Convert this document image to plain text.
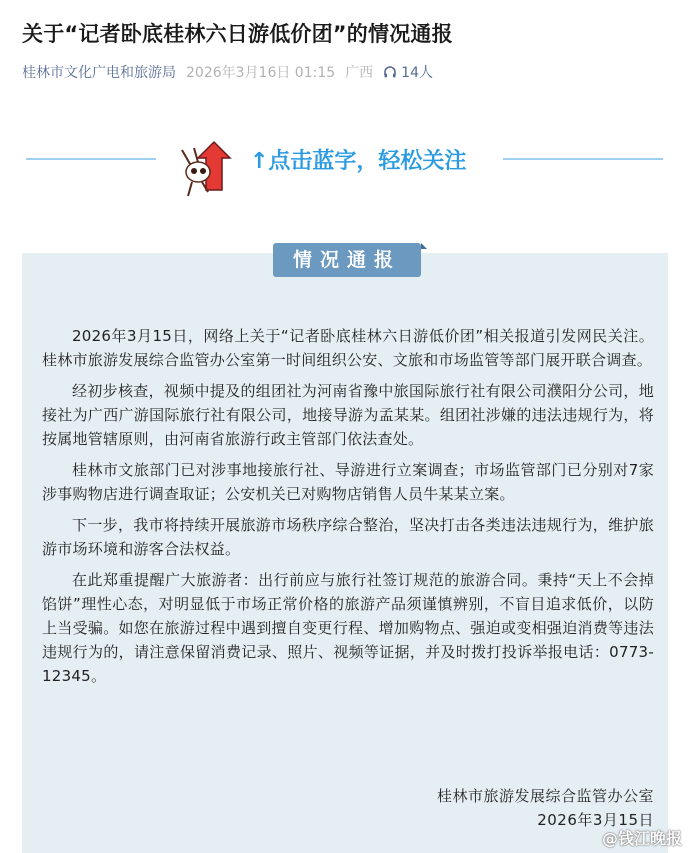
关于“记者卧底桂林六日游低价团”的情况通报
桂林市文化广电和旅游局 2026年3月16日 01:15 广西 14人
↑点击蓝字，轻松关注
情况通报

2026年3月15日，网络上关于“记者卧底桂林六日游低价团”相关报道引发网民关注。桂林市旅游发展综合监管办公室第一时间组织公安、文旅和市场监管等部门展开联合调查。

经初步核查，视频中提及的组团社为河南省豫中旅国际旅行社有限公司濮阳分公司，地接社为广西广游国际旅行社有限公司，地接导游为孟某某。组团社涉嫌的违法违规行为，将按属地管辖原则，由河南省旅游行政主管部门依法查处。

桂林市文旅部门已对涉事地接旅行社、导游进行立案调查；市场监管部门已分别对7家涉事购物店进行调查取证；公安机关已对购物店销售人员牛某某立案。

下一步，我市将持续开展旅游市场秩序综合整治，坚决打击各类违法违规行为，维护旅游市场环境和游客合法权益。

在此郑重提醒广大旅游者：出行前应与旅行社签订规范的旅游合同。秉持“天上不会掉馅饼”理性心态，对明显低于市场正常价格的旅游产品须谨慎辨别，不盲目追求低价，以防上当受骗。如您在旅游过程中遇到擅自变更行程、增加购物点、强迫或变相强迫消费等违法违规行为的，请注意保留消费记录、照片、视频等证据，并及时拨打投诉举报电话：0773-12345。

桂林市旅游发展综合监管办公室
2026年3月15日
@钱江晚报
